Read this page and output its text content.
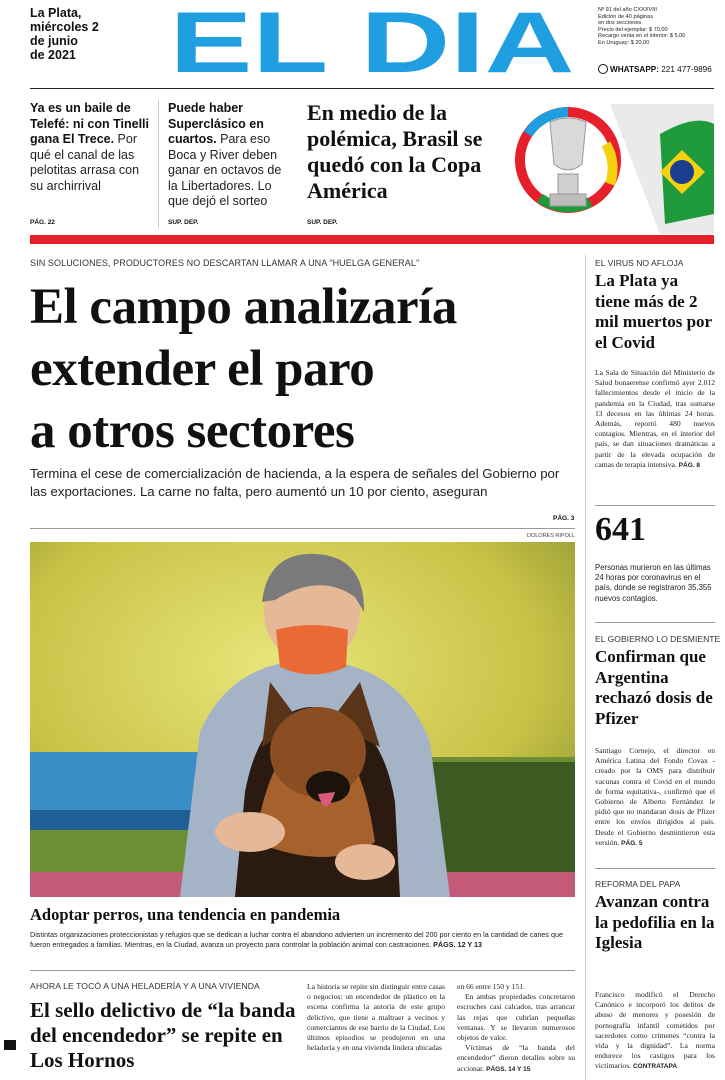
La Plata,
miércoles 2
de junio
de 2021	EL DIA	Nº 91 del año CXXXVIII
Edición de 40 páginas
en dos secciones
Precio del ejemplar: $ 70,00
Recargo venta en el interior: $ 5,00
En Uruguay: $ 20,00
WHATSAPP: 221 477-9896
Ya es un baile de Telefé: ni con Tinelli gana El Trece. Por qué el canal de las pelotitas arrasa con su archirrival
PÁG. 22
Puede haber Superclásico en cuartos. Para eso Boca y River deben ganar en octavos de la Libertadores. Lo que dejó el sorteo
SUP. DEP.
En medio de la polémica, Brasil se quedó con la Copa América
SUP. DEP.
SIN SOLUCIONES, PRODUCTORES NO DESCARTAN LLAMAR A UNA “HUELGA GENERAL”
El campo analizaría
extender el paro
a otros sectores
Termina el cese de comercialización de hacienda, a la espera de señales del Gobierno por las exportaciones. La carne no falta, pero aumentó un 10 por ciento, aseguran
PÁG. 3
DOLORES RIPOLL
Adoptar perros, una tendencia en pandemia
Distintas organizaciones proteccionistas y refugios que se dedican a luchar contra el abandono advierten un incremento del 200 por ciento en la cantidad de canes que fueron entregados a familias. Mientras, en la Ciudad, avanza un proyecto para controlar la población animal con castraciones. PÁGS. 12 Y 13
AHORA LE TOCÓ A UNA HELADERÍA Y A UNA VIVIENDA
El sello delictivo de “la banda del encendedor” se repite en Los Hornos
La historia se repite sin distinguir entre casas o negocios: un encendedor de plástico en la escena confirma la autoría de este grupo delictivo, que tiene a maltraer a vecinos y comerciantes de ese barrio de la Ciudad. Los últimos episodios se produjeron en una heladería y en una vivienda lindera ubicadas
en 66 entre 150 y 151.
En ambas propiedades concretaron escruches casi calcados, tras arrancar las rejas que cubrían pequeñas ventanas. Y se llevaron numerosos objetos de valor.
Víctimas de “la banda del encendedor” dieron detalles sobre su accionar. PÁGS. 14 Y 15
EL VIRUS NO AFLOJA
La Plata ya tiene más de 2 mil muertos por el Covid
La Sala de Situación del Ministerio de Salud bonaerense confirmó ayer 2.012 fallecimientos desde el inicio de la pandemia en la Ciudad, tras sumarse 13 decesos en las últimas 24 horas. Además, reportó 480 nuevos contagios. Mientras, en el interior del país, se dan situaciones dramáticas a partir de la elevada ocupación de camas de terapia intensiva. PÁG. 8
641
Personas murieron en las últimas 24 horas por coronavirus en el país, donde se registraron 35.355 nuevos contagios.
EL GOBIERNO LO DESMIENTE
Confirman que Argentina rechazó dosis de Pfizer
Santiago Cornejo, el director en América Latina del Fondo Covax -creado por la OMS para distribuir vacunas contra el Covid en el mundo de forma equitativa-, confirmó que el Gobierno de Alberto Fernández le pidió que no mandaran dosis de Pfizer entre los envíos dirigidos al país. Desde el Gobierno desmintieron esta versión. PÁG. 5
REFORMA DEL PAPA
Avanzan contra la pedofilia en la Iglesia
Francisco modificó el Derecho Canónico e incorporó los delitos de abuso de menores y posesión de pornografía infantil cometidos por sacerdotes como crímenes “contra la vida y la dignidad”. La norma endurece los castigos para los victimarios. CONTRATAPA
